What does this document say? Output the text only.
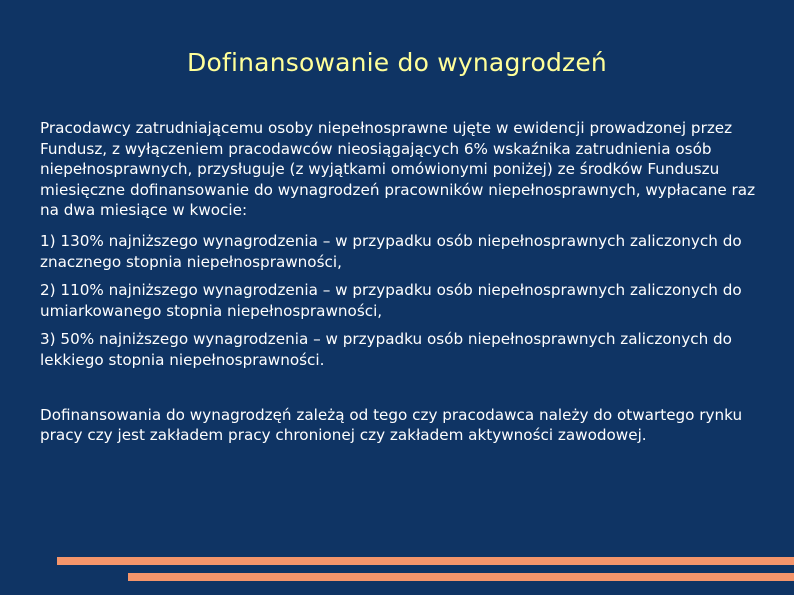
Dofinansowanie do wynagrodzeń

Pracodawcy zatrudniającemu osoby niepełnosprawne ujęte w ewidencji prowadzonej przez Fundusz, z wyłączeniem pracodawców nieosiągających 6% wskaźnika zatrudnienia osób niepełnosprawnych, przysługuje (z wyjątkami omówionymi poniżej) ze środków Funduszu miesięczne dofinansowanie do wynagrodzeń pracowników niepełnosprawnych, wypłacane raz na dwa miesiące w kwocie:

1) 130% najniższego wynagrodzenia – w przypadku osób niepełnosprawnych zaliczonych do znacznego stopnia niepełnosprawności,

2) 110% najniższego wynagrodzenia – w przypadku osób niepełnosprawnych zaliczonych do umiarkowanego stopnia niepełnosprawności,

3) 50% najniższego wynagrodzenia – w przypadku osób niepełnosprawnych zaliczonych do lekkiego stopnia niepełnosprawności.

Dofinansowania do wynagrodzęń zależą od tego czy pracodawca należy do otwartego rynku pracy czy jest zakładem pracy chronionej czy zakładem aktywności zawodowej.
